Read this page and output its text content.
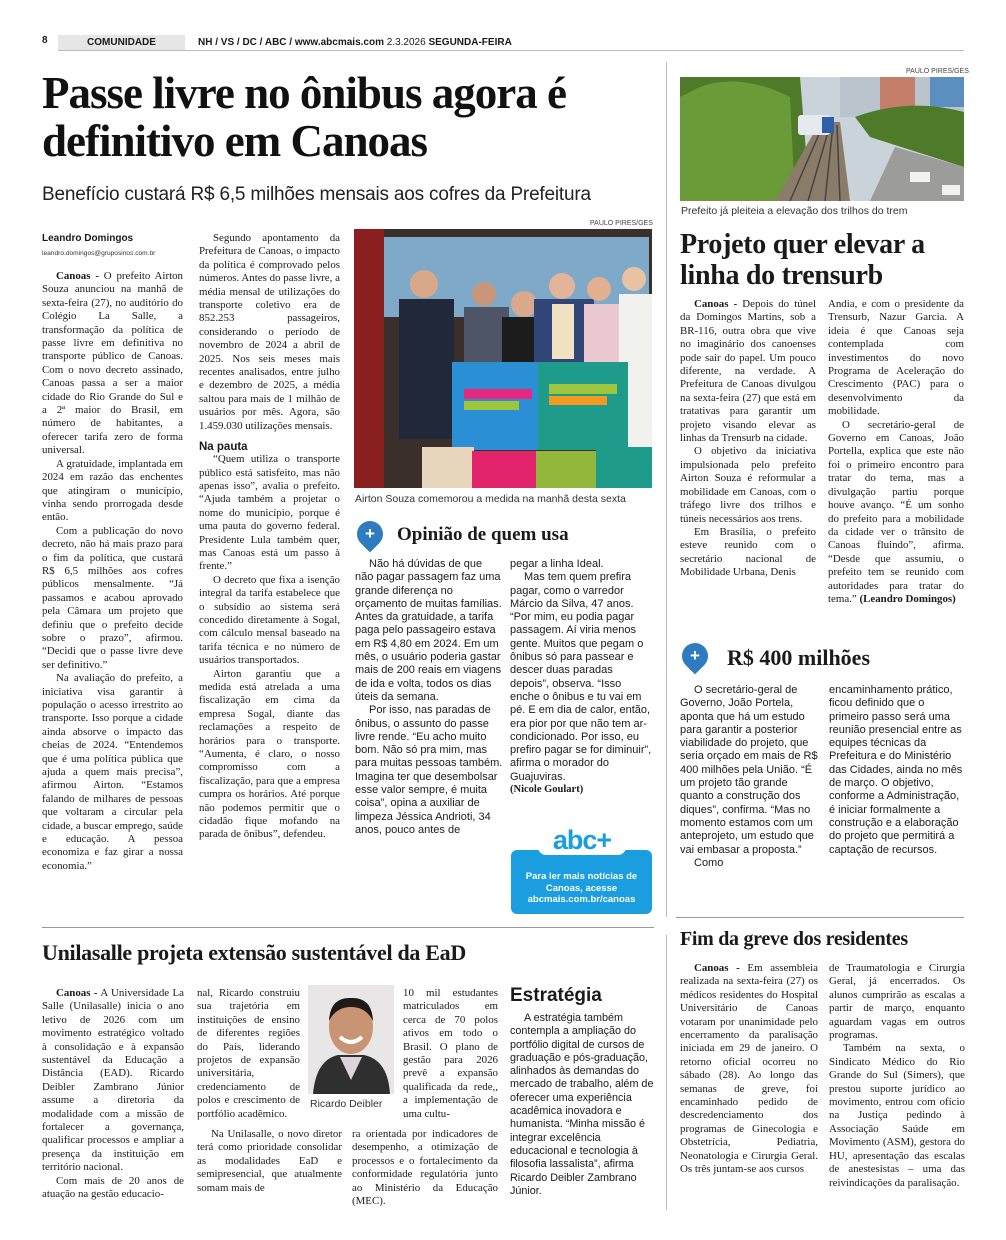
8	COMUNIDADE	NH / VS / DC / ABC / www.abcmais.com 2.3.2026 SEGUNDA-FEIRA
Passe livre no ônibus agora é definitivo em Canoas
Benefício custará R$ 6,5 milhões mensais aos cofres da Prefeitura
Leandro Domingos
leandro.domingos@gruposinos.com.br

Canoas - O prefeito Airton Souza anunciou na manhã de sexta-feira (27), no auditório do Colégio La Salle, a transformação da política de passe livre em definitiva no transporte público de Canoas. Com o novo decreto assinado, Canoas passa a ser a maior cidade do Rio Grande do Sul e a 2ª maior do Brasil, em número de habitantes, a oferecer tarifa zero de forma universal.

A gratuidade, implantada em 2024 em razão das enchentes que atingiram o município, vinha sendo prorrogada desde então.

Com a publicação do novo decreto, não há mais prazo para o fim da política, que custará R$ 6,5 milhões aos cofres públicos mensalmente. “Já passamos e acabou aprovado pela Câmara um projeto que definiu que o prefeito decide sobre o prazo”, afirmou. “Decidi que o passe livre deve ser definitivo.”

Na avaliação do prefeito, a iniciativa visa garantir à população o acesso irrestrito ao transporte. Isso porque a cidade ainda absorve o impacto das cheias de 2024. “Entendemos que é uma política pública que ajuda a quem mais precisa”, afirmou Airton. “Estamos falando de milhares de pessoas que voltaram a circular pela cidade, a buscar emprego, saúde e educação. A pessoa economiza e faz girar a nossa economia.”

Segundo apontamento da Prefeitura de Canoas, o impacto da política é comprovado pelos números. Antes do passe livre, a média mensal de utilizações do transporte coletivo era de 852.253 passageiros, considerando o período de novembro de 2024 a abril de 2025. Nos seis meses mais recentes analisados, entre julho e dezembro de 2025, a média saltou para mais de 1 milhão de usuários por mês. Agora, são 1.459.030 utilizações mensais.

Na pauta

“Quem utiliza o transporte público está satisfeito, mas não apenas isso”, avalia o prefeito. “Ajuda também a projetar o nome do município, porque é uma pauta do governo federal. Presidente Lula também quer, mas Canoas está um passo à frente.”

O decreto que fixa a isenção integral da tarifa estabelece que o subsídio ao sistema será concedido diretamente à Sogal, com cálculo mensal baseado na tarifa técnica e no número de usuários transportados.

Airton garantiu que a medida está atrelada a uma fiscalização em cima da empresa Sogal, diante das reclamações a respeito de horários para o transporte. “Aumenta, é claro, o nosso compromisso com a fiscalização, para que a empresa cumpra os horários. Até porque não podemos permitir que o cidadão fique mofando na parada de ônibus”, defendeu.

PAULO PIRES/GES
Airton Souza comemorou a medida na manhã desta sexta
+	Opinião de quem usa

Não há dúvidas de que não pagar passagem faz uma grande diferença no orçamento de muitas famílias. Antes da gratuidade, a tarifa paga pelo passageiro estava em R$ 4,80 em 2024. Em um mês, o usuário poderia gastar mais de 200 reais em viagens de ida e volta, todos os dias úteis da semana.

Por isso, nas paradas de ônibus, o assunto do passe livre rende. “Eu acho muito bom. Não só pra mim, mas para muitas pessoas também. Imagina ter que desembolsar esse valor sempre, é muita coisa”, opina a auxiliar de limpeza Jéssica Andrioti, 34 anos, pouco antes de

pegar a linha Ideal.

Mas tem quem prefira pagar, como o varredor Márcio da Silva, 47 anos. “Por mim, eu podia pagar passagem. Aí viria menos gente. Muitos que pegam o ônibus só para passear e descer duas paradas depois”, observa. “Isso enche o ônibus e tu vai em pé. E em dia de calor, então, era pior por que não tem ar-condicionado. Por isso, eu prefiro pagar se for diminuir”, afirma o morador do Guajuviras.

(Nicole Goulart)
abc+
Para ler mais notícias de Canoas, acesse abcmais.com.br/canoas
PAULO PIRES/GES
Prefeito já pleiteia a elevação dos trilhos do trem
Projeto quer elevar a linha do trensurb

Canoas - Depois do túnel da Domingos Martins, sob a BR-116, outra obra que vive no imaginário dos canoenses pode sair do papel. Um pouco diferente, na verdade. A Prefeitura de Canoas divulgou na sexta-feira (27) que está em tratativas para garantir um projeto visando elevar as linhas da Trensurb na cidade.

O objetivo da iniciativa impulsionada pelo prefeito Airton Souza é reformular a mobilidade em Canoas, com o tráfego livre dos trilhos e túneis necessários aos trens.

Em Brasília, o prefeito esteve reunido com o secretário nacional de Mobilidade Urbana, Denis

Andia, e com o presidente da Trensurb, Nazur Garcia. A ideia é que Canoas seja contemplada com investimentos do novo Programa de Aceleração do Crescimento (PAC) para o desenvolvimento da mobilidade.

O secretário-geral de Governo em Canoas, João Portella, explica que este não foi o primeiro encontro para tratar do tema, mas a divulgação partiu porque houve avanço. “É um sonho do prefeito para a mobilidade da cidade ver o trânsito de Canoas fluindo”, afirma. “Desde que assumiu, o prefeito tem se reunido com autoridades para tratar do tema.” (Leandro Domingos)

+	R$ 400 milhões

O secretário-geral de Governo, João Portela, aponta que há um estudo para garantir a posterior viabilidade do projeto, que seria orçado em mais de R$ 400 milhões pela União. “É um projeto tão grande quanto a construção dos diques”, confirma. “Mas no momento estamos com um anteprojeto, um estudo que vai embasar a proposta.”

Como

encaminhamento prático, ficou definido que o primeiro passo será uma reunião presencial entre as equipes técnicas da Prefeitura e do Ministério das Cidades, ainda no mês de março. O objetivo, conforme a Administração, é iniciar formalmente a construção e a elaboração do projeto que permitirá a captação de recursos.

Unilasalle projeta extensão sustentável da EaD

Canoas - A Universidade La Salle (Unilasalle) inicia o ano letivo de 2026 com um movimento estratégico voltado à consolidação e à expansão sustentável da Educação a Distância (EAD). Ricardo Deibler Zambrano Júnior assume a diretoria da modalidade com a missão de fortalecer a governança, qualificar processos e ampliar a presença da instituição em território nacional.

Com mais de 20 anos de atuação na gestão educacio-

nal, Ricardo construiu sua trajetória em instituições de ensino de diferentes regiões do País, liderando projetos de expansão universitária, credenciamento de polos e crescimento de portfólio acadêmico.

Na Unilasalle, o novo diretor terá como prioridade consolidar as modalidades EaD e semipresencial, que atualmente somam mais de

Ricardo Deibler

10 mil estudantes matriculados em cerca de 70 polos ativos em todo o Brasil. O plano de gestão para 2026 prevê a expansão qualificada da rede,, a implementação de uma cultu-

ra orientada por indicadores de desempenho, a otimização de processos e o fortalecimento da conformidade regulatória junto ao Ministério da Educação (MEC).

Estratégia

A estratégia também contempla a ampliação do portfólio digital de cursos de graduação e pós-graduação, alinhados às demandas do mercado de trabalho, além de oferecer uma experiência acadêmica inovadora e humanista. “Minha missão é integrar excelência educacional e tecnologia à filosofia lassalista”, afirma Ricardo Deibler Zambrano Júnior.

Fim da greve dos residentes

Canoas - Em assembleia realizada na sexta-feira (27) os médicos residentes do Hospital Universitário de Canoas votaram por unanimidade pelo encerramento da paralisação iniciada em 29 de janeiro. O retorno oficial ocorreu no sábado (28). Ao longo das semanas de greve, foi encaminhado pedido de descredenciamento dos programas de Ginecologia e Obstetrícia, Pediatria, Neonatologia e Cirurgia Geral. Os três juntam-se aos cursos

de Traumatologia e Cirurgia Geral, já encerrados. Os alunos cumprirão as escalas a partir de março, enquanto aguardam vagas em outros programas.

Também na sexta, o Sindicato Médico do Rio Grande do Sul (Simers), que prestou suporte jurídico ao movimento, entrou com ofício na Justiça pedindo à Associação Saúde em Movimento (ASM), gestora do HU, apresentação das escalas de anestesistas – uma das reivindicações da paralisação.
